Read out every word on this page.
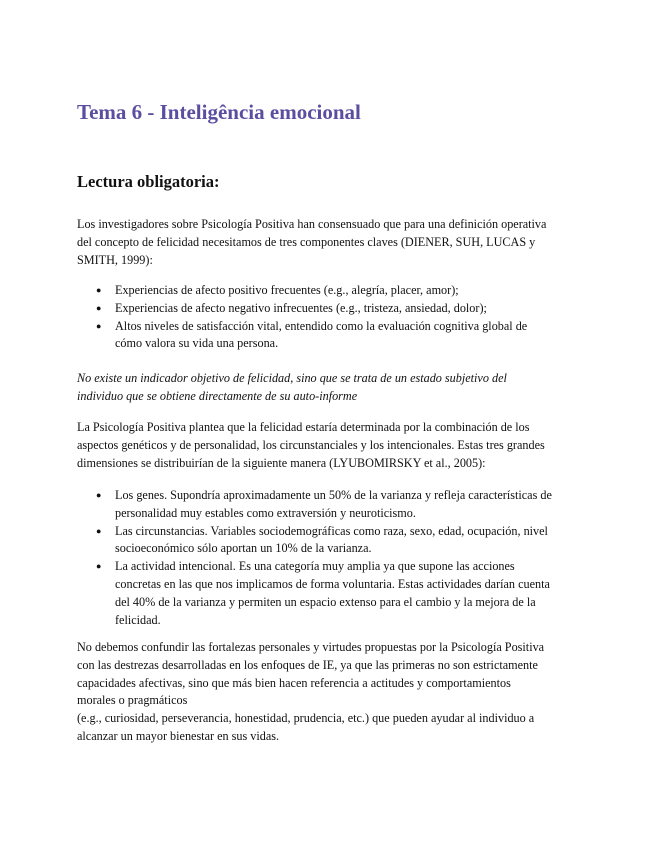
Tema 6 - Inteligência emocional
Lectura obligatoria:

Los investigadores sobre Psicología Positiva han consensuado que para una definición operativa
del concepto de felicidad necesitamos de tres componentes claves (DIENER, SUH, LUCAS y
SMITH, 1999):

● Experiencias de afecto positivo frecuentes (e.g., alegría, placer, amor);
● Experiencias de afecto negativo infrecuentes (e.g., tristeza, ansiedad, dolor);
● Altos niveles de satisfacción vital, entendido como la evaluación cognitiva global de
cómo valora su vida una persona.

No existe un indicador objetivo de felicidad, sino que se trata de un estado subjetivo del
individuo que se obtiene directamente de su auto-informe

La Psicología Positiva plantea que la felicidad estaría determinada por la combinación de los
aspectos genéticos y de personalidad, los circunstanciales y los intencionales. Estas tres grandes
dimensiones se distribuirían de la siguiente manera (LYUBOMIRSKY et al., 2005):

● Los genes. Supondría aproximadamente un 50% de la varianza y refleja características de
personalidad muy estables como extraversión y neuroticismo.
● Las circunstancias. Variables sociodemográficas como raza, sexo, edad, ocupación, nivel
socioeconómico sólo aportan un 10% de la varianza.
● La actividad intencional. Es una categoría muy amplia ya que supone las acciones
concretas en las que nos implicamos de forma voluntaria. Estas actividades darían cuenta
del 40% de la varianza y permiten un espacio extenso para el cambio y la mejora de la
felicidad.

No debemos confundir las fortalezas personales y virtudes propuestas por la Psicología Positiva
con las destrezas desarrolladas en los enfoques de IE, ya que las primeras no son estrictamente
capacidades afectivas, sino que más bien hacen referencia a actitudes y comportamientos
morales o pragmáticos
(e.g., curiosidad, perseverancia, honestidad, prudencia, etc.) que pueden ayudar al individuo a
alcanzar un mayor bienestar en sus vidas.
